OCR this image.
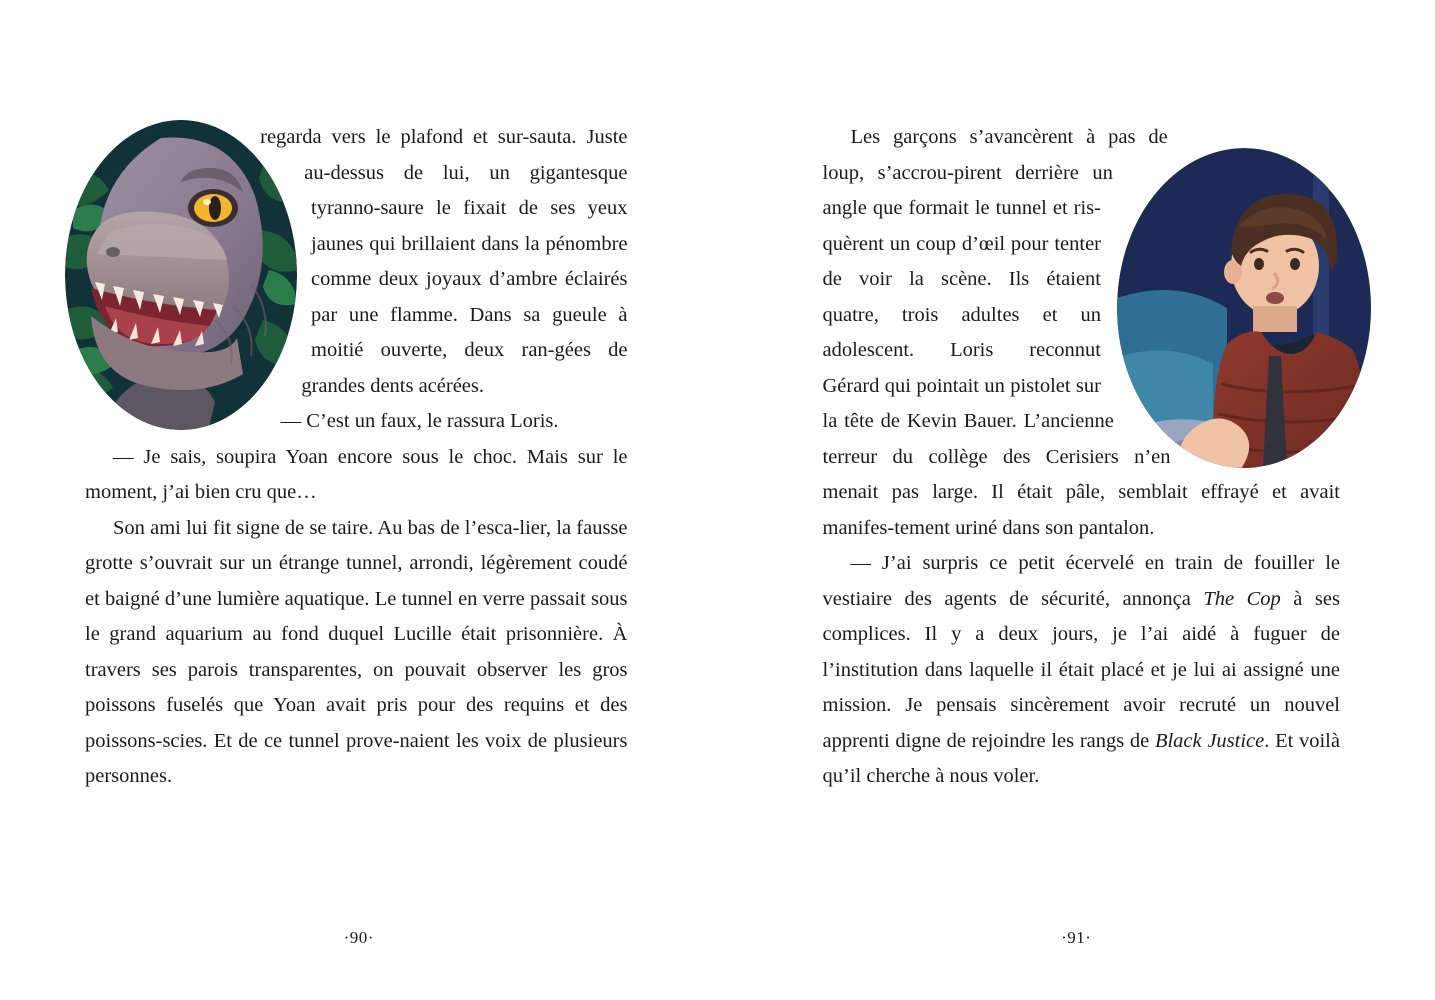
regarda vers le plafond et sur-sauta. Juste au-dessus de lui, un gigantesque tyranno-saure le fixait de ses yeux jaunes qui brillaient dans la pénombre comme deux joyaux d’ambre éclairés par une flamme. Dans sa gueule à moitié ouverte, deux ran-gées de grandes dents acérées.

— C’est un faux, le rassura Loris.

— Je sais, soupira Yoan encore sous le choc. Mais sur le moment, j’ai bien cru que…

Son ami lui fit signe de se taire. Au bas de l’esca-lier, la fausse grotte s’ouvrait sur un étrange tunnel, arrondi, légèrement coudé et baigné d’une lumière aquatique. Le tunnel en verre passait sous le grand aquarium au fond duquel Lucille était prisonnière. À travers ses parois transparentes, on pouvait observer les gros poissons fuselés que Yoan avait pris pour des requins et des poissons-scies. Et de ce tunnel prove-naient les voix de plusieurs personnes.

·90·

Les garçons s’avancèrent à pas de loup, s’accrou-pirent derrière un angle que formait le tunnel et ris-quèrent un coup d’œil pour tenter de voir la scène. Ils étaient quatre, trois adultes et un adolescent. Loris reconnut Gérard qui pointait un pistolet sur la tête de Kevin Bauer. L’ancienne terreur du collège des Cerisiers n’en menait pas large. Il était pâle, semblait effrayé et avait manifes-tement uriné dans son pantalon.

— J’ai surpris ce petit écervelé en train de fouiller le vestiaire des agents de sécurité, annonça The Cop à ses complices. Il y a deux jours, je l’ai aidé à fuguer de l’institution dans laquelle il était placé et je lui ai assigné une mission. Je pensais sincèrement avoir recruté un nouvel apprenti digne de rejoindre les rangs de Black Justice. Et voilà qu’il cherche à nous voler.

·91·
